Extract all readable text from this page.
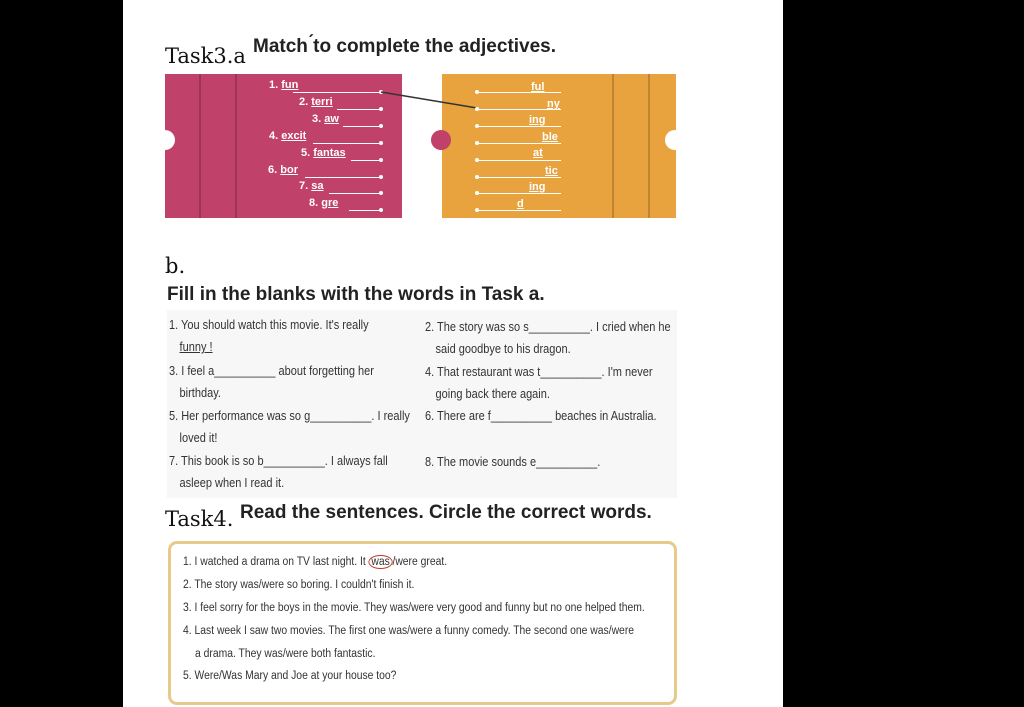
Task3.a Match ́to complete the adjectives.
1. fun
2. terri
3. aw
4. excit
5. fantas
6. bor
7. sa
8. gre
ful
ny
ing
ble
at
tic
ing
d
b.
Fill in the blanks with the words in Task a.
1. You should watch this movie. It's really
funny !
2. The story was so s__________. I cried when he
said goodbye to his dragon.
3. I feel a__________ about forgetting her
birthday.
4. That restaurant was t__________. I'm never
going back there again.
5. Her performance was so g__________. I really
loved it!
6. There are f__________ beaches in Australia.
7. This book is so b__________. I always fall
asleep when I read it.
8. The movie sounds e__________.
Task4. Read the sentences. Circle the correct words.
1. I watched a drama on TV last night. It was /were great.
2. The story was/were so boring. I couldn't finish it.
3. I feel sorry for the boys in the movie. They was/were very good and funny but no one helped them.
4. Last week I saw two movies. The first one was/were a funny comedy. The second one was/were
a drama. They was/were both fantastic.
5. Were/Was Mary and Joe at your house too?
